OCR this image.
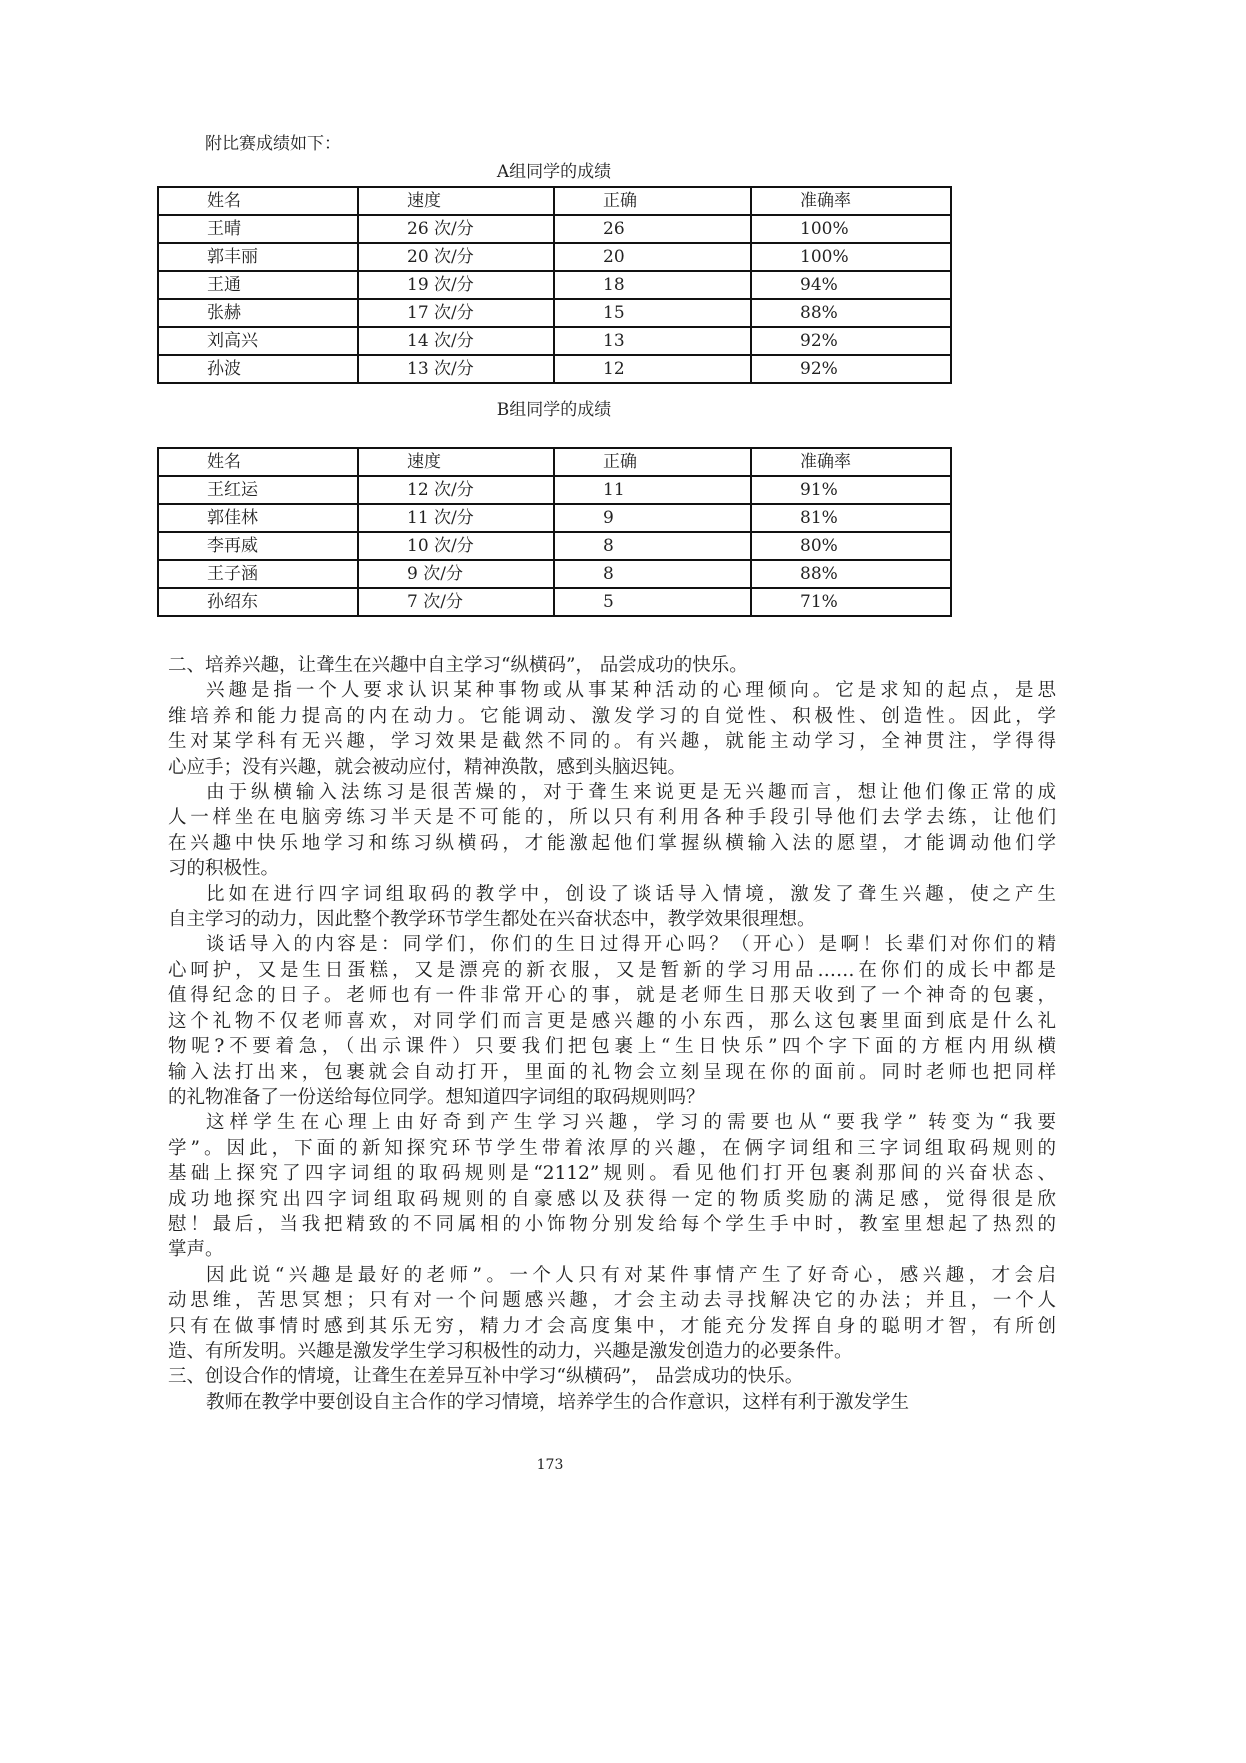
附比赛成绩如下：
A组同学的成绩
姓名	速度	正确	准确率
王晴	26 次/分	26	100%
郭丰丽	20 次/分	20	100%
王通	19 次/分	18	94%
张赫	17 次/分	15	88%
刘高兴	14 次/分	13	92%
孙波	13 次/分	12	92%
B组同学的成绩
姓名	速度	正确	准确率
王红运	12 次/分	11	91%
郭佳林	11 次/分	9	81%
李再威	10 次/分	8	80%
王子涵	9 次/分	8	88%
孙绍东	7 次/分	5	71%
二、培养兴趣，让聋生在兴趣中自主学习“纵横码”， 品尝成功的快乐。
兴趣是指一个人要求认识某种事物或从事某种活动的心理倾向。它是求知的起点，是思
维培养和能力提高的内在动力。它能调动、激发学习的自觉性、积极性、创造性。因此，学
生对某学科有无兴趣，学习效果是截然不同的。有兴趣，就能主动学习，全神贯注，学得得
心应手；没有兴趣，就会被动应付，精神涣散，感到头脑迟钝。
由于纵横输入法练习是很苦燥的，对于聋生来说更是无兴趣而言，想让他们像正常的成
人一样坐在电脑旁练习半天是不可能的，所以只有利用各种手段引导他们去学去练，让他们
在兴趣中快乐地学习和练习纵横码，才能激起他们掌握纵横输入法的愿望，才能调动他们学
习的积极性。
比如在进行四字词组取码的教学中，创设了谈话导入情境，激发了聋生兴趣，使之产生
自主学习的动力，因此整个教学环节学生都处在兴奋状态中，教学效果很理想。
谈话导入的内容是：同学们，你们的生日过得开心吗？（开心）是啊！长辈们对你们的精
心呵护，又是生日蛋糕，又是漂亮的新衣服，又是暂新的学习用品……在你们的成长中都是
值得纪念的日子。老师也有一件非常开心的事，就是老师生日那天收到了一个神奇的包裹，
这个礼物不仅老师喜欢，对同学们而言更是感兴趣的小东西，那么这包裹里面到底是什么礼
物呢?不要着急，（出示课件）只要我们把包裹上“生日快乐”四个字下面的方框内用纵横
输入法打出来，包裹就会自动打开，里面的礼物会立刻呈现在你的面前。同时老师也把同样
的礼物准备了一份送给每位同学。想知道四字词组的取码规则吗？
这样学生在心理上由好奇到产生学习兴趣，学习的需要也从“要我学” 转变为“我要
学”。因此，下面的新知探究环节学生带着浓厚的兴趣，在俩字词组和三字词组取码规则的
基础上探究了四字词组的取码规则是“2112”规则。看见他们打开包裹刹那间的兴奋状态、
成功地探究出四字词组取码规则的自豪感以及获得一定的物质奖励的满足感，觉得很是欣
慰！最后，当我把精致的不同属相的小饰物分别发给每个学生手中时，教室里想起了热烈的
掌声。
因此说“兴趣是最好的老师”。一个人只有对某件事情产生了好奇心，感兴趣，才会启
动思维，苦思冥想；只有对一个问题感兴趣，才会主动去寻找解决它的办法；并且，一个人
只有在做事情时感到其乐无穷，精力才会高度集中，才能充分发挥自身的聪明才智，有所创
造、有所发明。兴趣是激发学生学习积极性的动力，兴趣是激发创造力的必要条件。
三、创设合作的情境，让聋生在差异互补中学习“纵横码”， 品尝成功的快乐。
教师在教学中要创设自主合作的学习情境，培养学生的合作意识，这样有利于激发学生
173
